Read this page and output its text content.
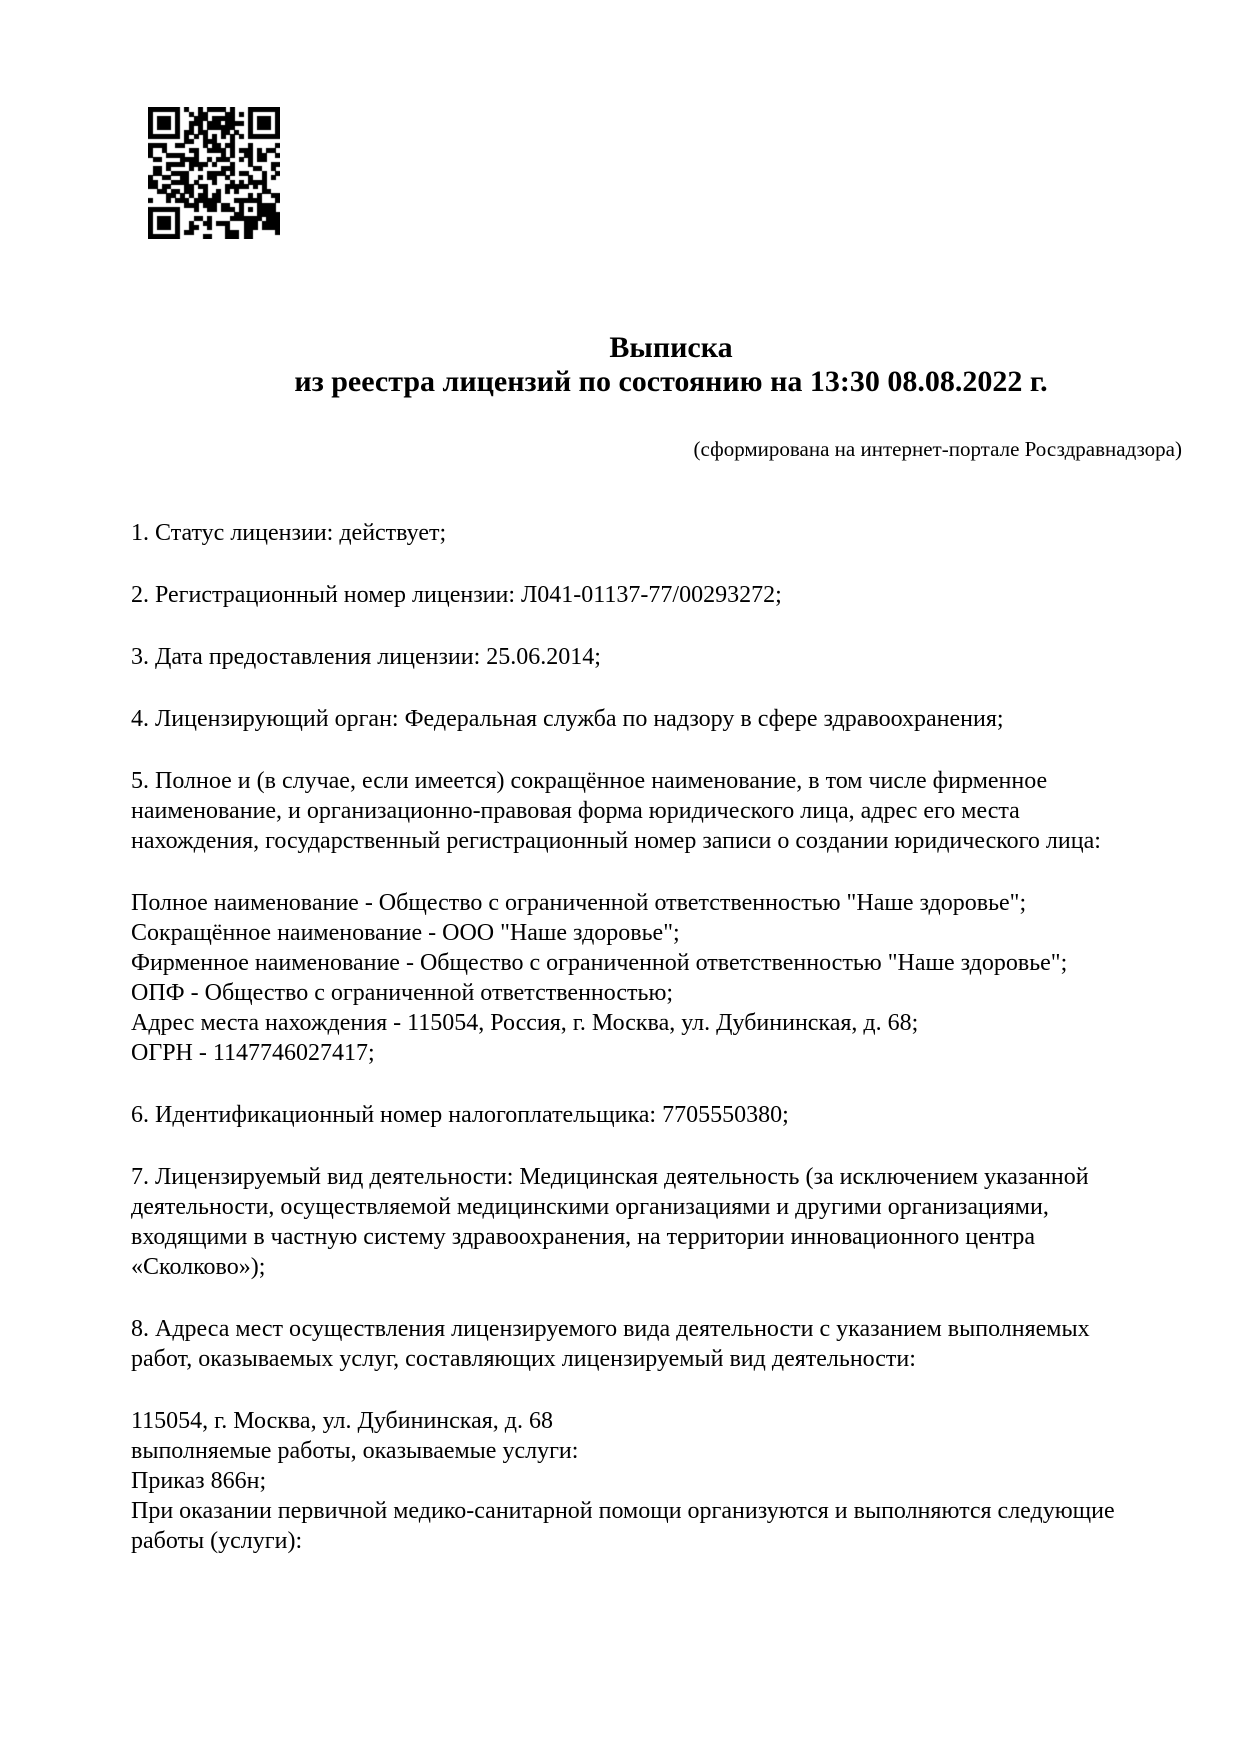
Выписка
из реестра лицензий по состоянию на 13:30 08.08.2022 г.
(сформирована на интернет-портале Росздравнадзора)

1. Статус лицензии: действует;

2. Регистрационный номер лицензии: Л041-01137-77/00293272;

3. Дата предоставления лицензии: 25.06.2014;

4. Лицензирующий орган: Федеральная служба по надзору в сфере здравоохранения;

5. Полное и (в случае, если имеется) сокращённое наименование, в том числе фирменное наименование, и организационно-правовая форма юридического лица, адрес его места нахождения, государственный регистрационный номер записи о создании юридического лица:

Полное наименование - Общество с ограниченной ответственностью "Наше здоровье";
Сокращённое наименование - ООО "Наше здоровье";
Фирменное наименование - Общество с ограниченной ответственностью "Наше здоровье";
ОПФ - Общество с ограниченной ответственностью;
Адрес места нахождения - 115054, Россия, г. Москва, ул. Дубининская, д. 68;
ОГРН - 1147746027417;

6. Идентификационный номер налогоплательщика: 7705550380;

7. Лицензируемый вид деятельности: Медицинская деятельность (за исключением указанной деятельности, осуществляемой медицинскими организациями и другими организациями, входящими в частную систему здравоохранения, на территории инновационного центра «Сколково»);

8. Адреса мест осуществления лицензируемого вида деятельности с указанием выполняемых работ, оказываемых услуг, составляющих лицензируемый вид деятельности:

115054, г. Москва, ул. Дубининская, д. 68
выполняемые работы, оказываемые услуги:
Приказ 866н;
При оказании первичной медико-санитарной помощи организуются и выполняются следующие работы (услуги):
